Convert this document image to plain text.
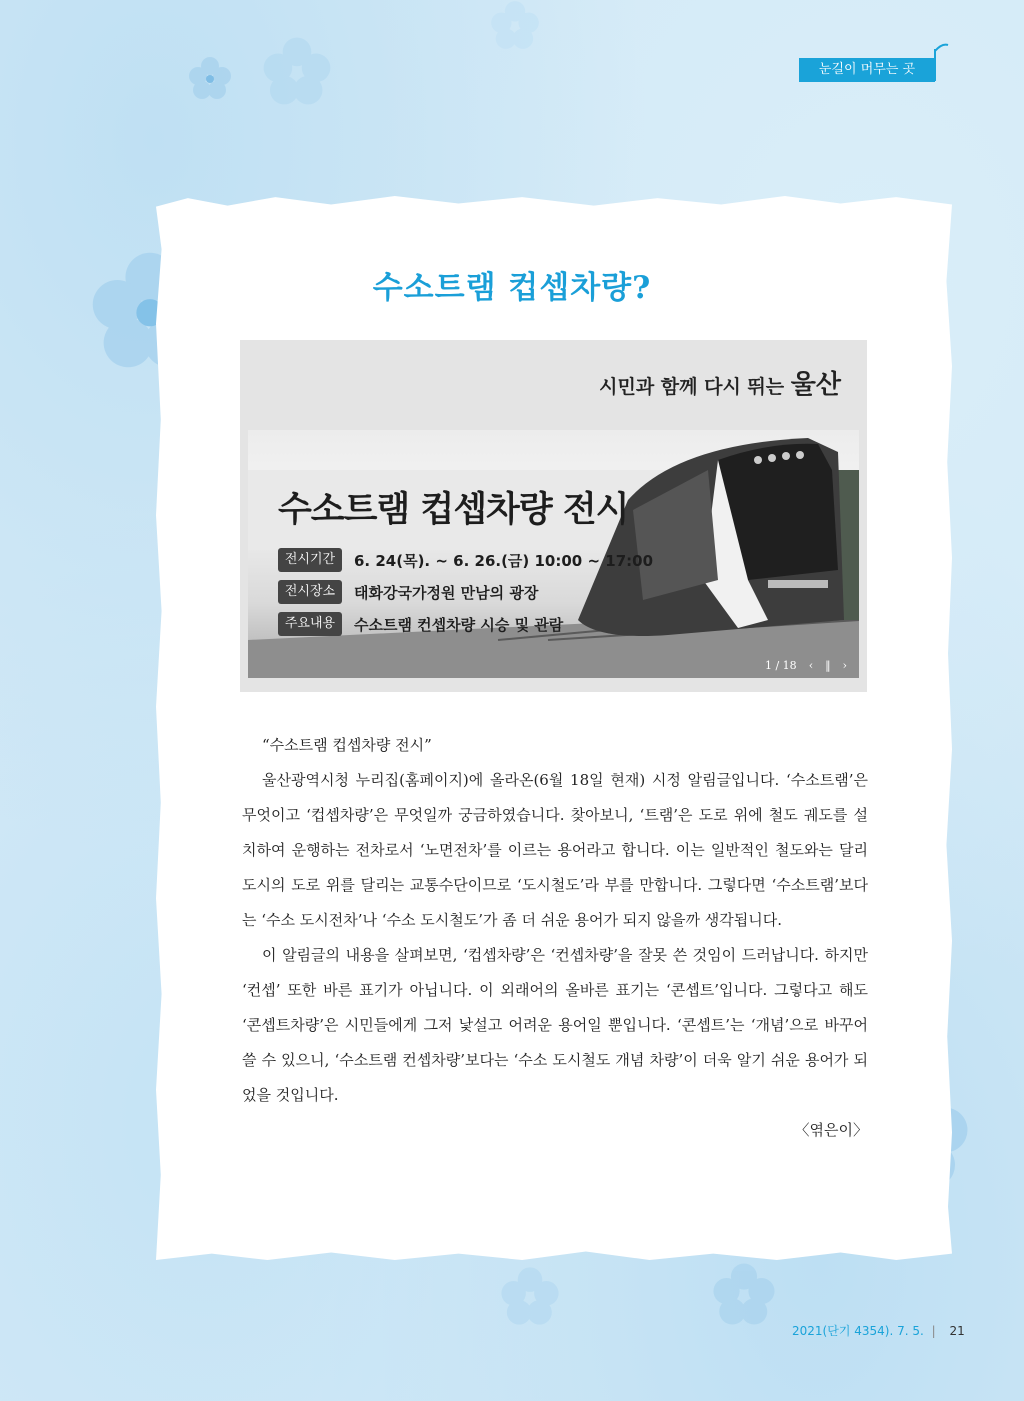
눈길이 머무는 곳
수소트램 컵셉차량?
시민과 함께 다시 뛰는 울산
수소트램 컵셉차량 전시
전시기간	6. 24(목). ~ 6. 26.(금) 10:00 ~ 17:00
전시장소	태화강국가정원 만남의 광장
주요내용	수소트램 컨셉차량 시승 및 관람
1 / 18 ‹ ‖ ›

“수소트램 컵셉차량 전시”

울산광역시청 누리집(홈페이지)에 올라온(6월 18일 현재) 시정 알림글입니다. ‘수소트램’은 무엇이고 ‘컵셉차량’은 무엇일까 궁금하였습니다. 찾아보니, ‘트램’은 도로 위에 철도 궤도를 설치하여 운행하는 전차로서 ‘노면전차’를 이르는 용어라고 합니다. 이는 일반적인 철도와는 달리 도시의 도로 위를 달리는 교통수단이므로 ‘도시철도’라 부를 만합니다. 그렇다면 ‘수소트램’보다는 ‘수소 도시전차’나 ‘수소 도시철도’가 좀 더 쉬운 용어가 되지 않을까 생각됩니다.

이 알림글의 내용을 살펴보면, ‘컵셉차량’은 ‘컨셉차량’을 잘못 쓴 것임이 드러납니다. 하지만 ‘컨셉’ 또한 바른 표기가 아닙니다. 이 외래어의 올바른 표기는 ‘콘셉트’입니다. 그렇다고 해도 ‘콘셉트차량’은 시민들에게 그저 낯설고 어려운 용어일 뿐입니다. ‘콘셉트’는 ‘개념’으로 바꾸어 쓸 수 있으니, ‘수소트램 컨셉차량’보다는 ‘수소 도시철도 개념 차량’이 더욱 알기 쉬운 용어가 되었을 것입니다.

〈엮은이〉

2021(단기 4354). 7. 5. | 21
